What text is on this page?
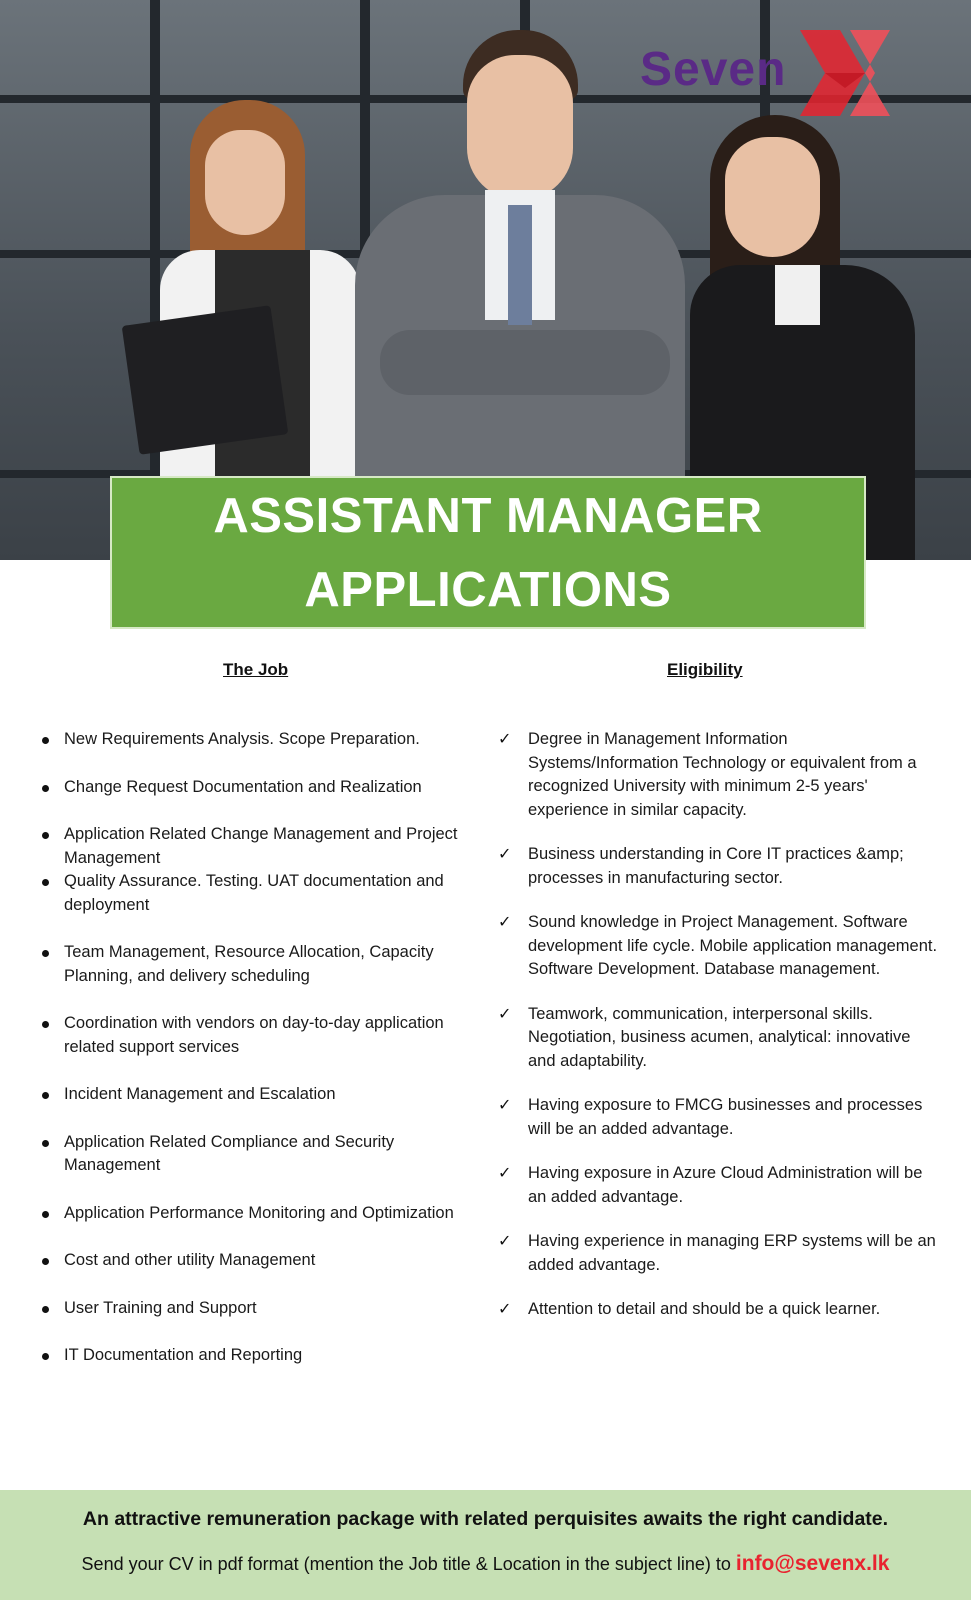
Seven
ASSISTANT MANAGER
APPLICATIONS
The Job	Eligibility
New Requirements Analysis. Scope Preparation.
Change Request Documentation and Realization
Application Related Change Management and Project Management
Quality Assurance. Testing. UAT documentation and deployment
Team Management, Resource Allocation, Capacity Planning, and delivery scheduling
Coordination with vendors on day-to-day application related support services
Incident Management and Escalation
Application Related Compliance and Security Management
Application Performance Monitoring and Optimization
Cost and other utility Management
User Training and Support
IT Documentation and Reporting
✓ Degree in Management Information Systems/Information Technology or equivalent from a recognized University with minimum 2-5 years' experience in similar capacity.
✓ Business understanding in Core IT practices &amp; processes in manufacturing sector.
✓ Sound knowledge in Project Management. Software development life cycle. Mobile application management. Software Development. Database management.
✓ Teamwork, communication, interpersonal skills. Negotiation, business acumen, analytical: innovative and adaptability.
✓ Having exposure to FMCG businesses and processes will be an added advantage.
✓ Having exposure in Azure Cloud Administration will be an added advantage.
✓ Having experience in managing ERP systems will be an added advantage.
✓ Attention to detail and should be a quick learner.
An attractive remuneration package with related perquisites awaits the right candidate.
Send your CV in pdf format (mention the Job title & Location in the subject line) to info@sevenx.lk
